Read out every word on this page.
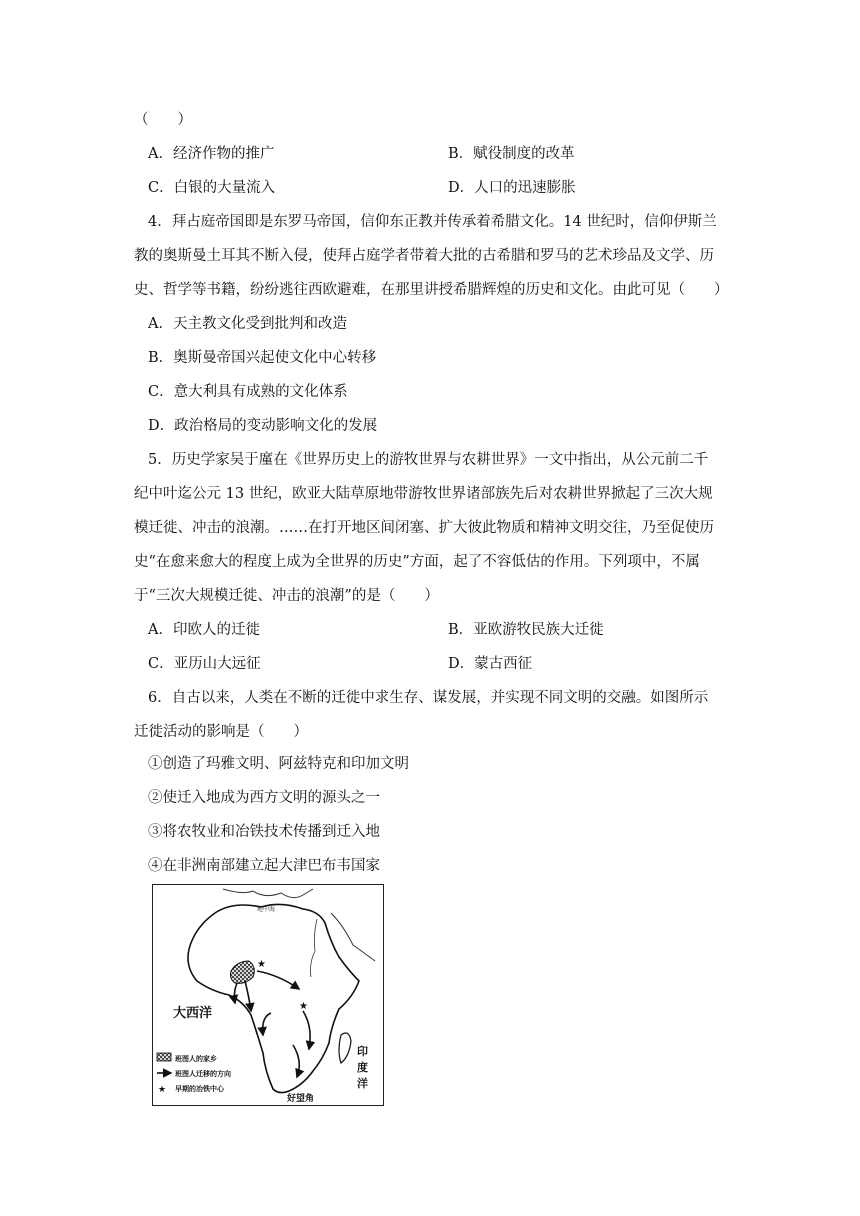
（　　）
A．经济作物的推广	B．赋役制度的改革
C．白银的大量流入	D．人口的迅速膨胀
4．拜占庭帝国即是东罗马帝国，信仰东正教并传承着希腊文化。14 世纪时，信仰伊斯兰
教的奥斯曼土耳其不断入侵，使拜占庭学者带着大批的古希腊和罗马的艺术珍品及文学、历
史、哲学等书籍，纷纷逃往西欧避难，在那里讲授希腊辉煌的历史和文化。由此可见（　　）
A．天主教文化受到批判和改造
B．奥斯曼帝国兴起使文化中心转移
C．意大利具有成熟的文化体系
D．政治格局的变动影响文化的发展
5．历史学家吴于廑在《世界历史上的游牧世界与农耕世界》一文中指出，从公元前二千
纪中叶迄公元 13 世纪，欧亚大陆草原地带游牧世界诸部族先后对农耕世界掀起了三次大规
模迁徙、冲击的浪潮。……在打开地区间闭塞、扩大彼此物质和精神文明交往，乃至促使历
史“在愈来愈大的程度上成为全世界的历史”方面，起了不容低估的作用。下列项中，不属
于“三次大规模迁徙、冲击的浪潮”的是（　　）
A．印欧人的迁徙	B．亚欧游牧民族大迁徙
C．亚历山大远征	D．蒙古西征
6．自古以来，人类在不断的迁徙中求生存、谋发展，并实现不同文明的交融。如图所示
迁徙活动的影响是（　　）
①创造了玛雅文明、阿兹特克和印加文明
②使迁入地成为西方文明的源头之一
③将农牧业和冶铁技术传播到迁入地
④在非洲南部建立起大津巴布韦国家
★
★
地中海
大西洋
印
度
洋
好望角
班图人的家乡
班图人迁移的方向
★ 早期的冶铁中心
